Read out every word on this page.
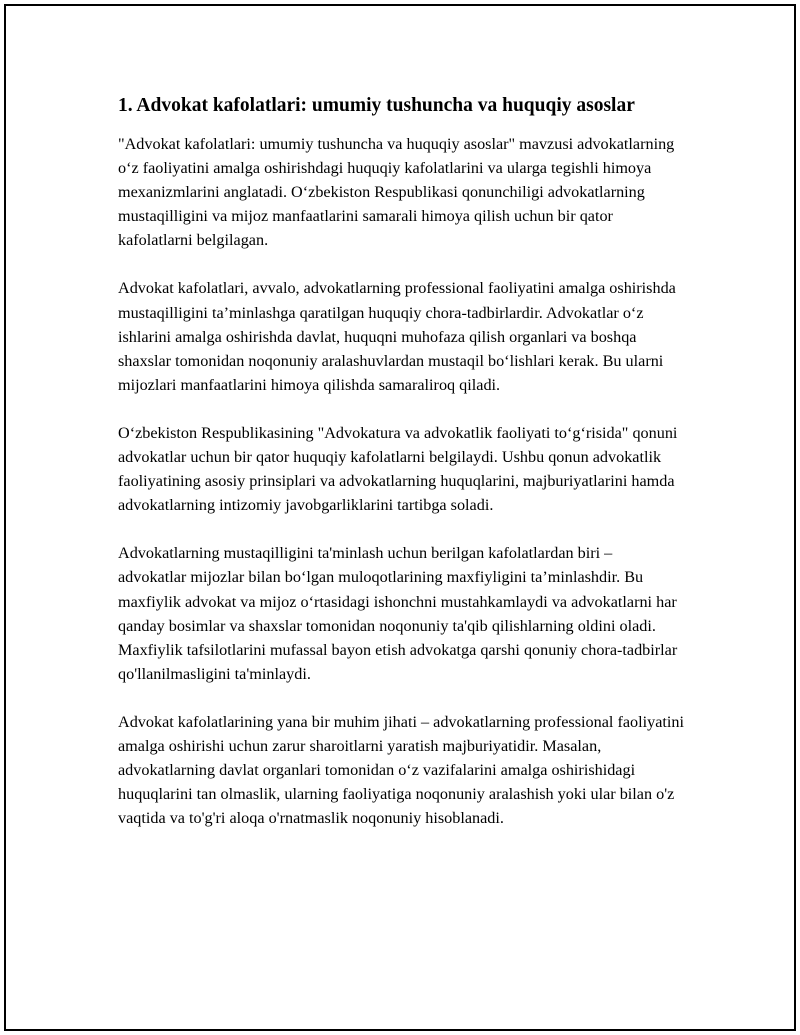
1. Advokat kafolatlari: umumiy tushuncha va huquqiy asoslar

"Advokat kafolatlari: umumiy tushuncha va huquqiy asoslar" mavzusi advokatlarning o‘z faoliyatini amalga oshirishdagi huquqiy kafolatlarini va ularga tegishli himoya mexanizmlarini anglatadi. O‘zbekiston Respublikasi qonunchiligi advokatlarning mustaqilligini va mijoz manfaatlarini samarali himoya qilish uchun bir qator kafolatlarni belgilagan.

Advokat kafolatlari, avvalo, advokatlarning professional faoliyatini amalga oshirishda mustaqilligini ta’minlashga qaratilgan huquqiy chora-tadbirlardir. Advokatlar o‘z ishlarini amalga oshirishda davlat, huquqni muhofaza qilish organlari va boshqa shaxslar tomonidan noqonuniy aralashuvlardan mustaqil bo‘lishlari kerak. Bu ularni mijozlari manfaatlarini himoya qilishda samaraliroq qiladi.

O‘zbekiston Respublikasining "Advokatura va advokatlik faoliyati to‘g‘risida" qonuni advokatlar uchun bir qator huquqiy kafolatlarni belgilaydi. Ushbu qonun advokatlik faoliyatining asosiy prinsiplari va advokatlarning huquqlarini, majburiyatlarini hamda advokatlarning intizomiy javobgarliklarini tartibga soladi.

Advokatlarning mustaqilligini ta'minlash uchun berilgan kafolatlardan biri – advokatlar mijozlar bilan bo‘lgan muloqotlarining maxfiyligini ta’minlashdir. Bu maxfiylik advokat va mijoz o‘rtasidagi ishonchni mustahkamlaydi va advokatlarni har qanday bosimlar va shaxslar tomonidan noqonuniy ta'qib qilishlarning oldini oladi. Maxfiylik tafsilotlarini mufassal bayon etish advokatga qarshi qonuniy chora-tadbirlar qo'llanilmasligini ta'minlaydi.

Advokat kafolatlarining yana bir muhim jihati – advokatlarning professional faoliyatini amalga oshirishi uchun zarur sharoitlarni yaratish majburiyatidir. Masalan, advokatlarning davlat organlari tomonidan o‘z vazifalarini amalga oshirishidagi huquqlarini tan olmaslik, ularning faoliyatiga noqonuniy aralashish yoki ular bilan o'z vaqtida va to'g'ri aloqa o'rnatmaslik noqonuniy hisoblanadi.
